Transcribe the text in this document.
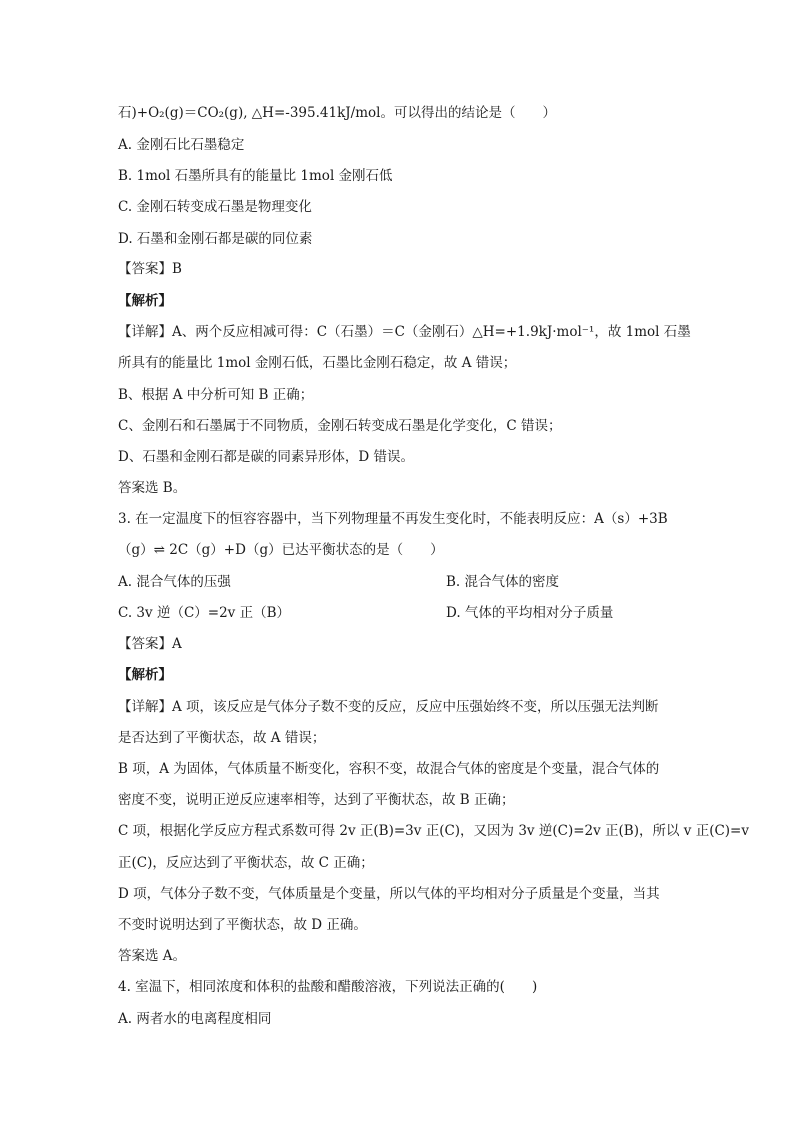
石)+O₂(g)＝CO₂(g), △H=-395.41kJ/mol。可以得出的结论是（　　）
A. 金刚石比石墨稳定
B. 1mol 石墨所具有的能量比 1mol 金刚石低
C. 金刚石转变成石墨是物理变化
D. 石墨和金刚石都是碳的同位素
【答案】B
【解析】
【详解】A、两个反应相减可得：C（石墨）＝C（金刚石）△H=+1.9kJ·mol⁻¹，故 1mol 石墨
所具有的能量比 1mol 金刚石低，石墨比金刚石稳定，故 A 错误；
B、根据 A 中分析可知 B 正确；
C、金刚石和石墨属于不同物质，金刚石转变成石墨是化学变化，C 错误；
D、石墨和金刚石都是碳的同素异形体，D 错误。
答案选 B。
3. 在一定温度下的恒容容器中，当下列物理量不再发生变化时，不能表明反应：A（s）+3B
（g）⇌ 2C（g）+D（g）已达平衡状态的是（　　）
A. 混合气体的压强	B. 混合气体的密度
C. 3v 逆（C）=2v 正（B）	D. 气体的平均相对分子质量
【答案】A
【解析】
【详解】A 项，该反应是气体分子数不变的反应，反应中压强始终不变，所以压强无法判断
是否达到了平衡状态，故 A 错误；
B 项，A 为固体，气体质量不断变化，容积不变，故混合气体的密度是个变量，混合气体的
密度不变，说明正逆反应速率相等，达到了平衡状态，故 B 正确；
C 项，根据化学反应方程式系数可得 2v 正(B)=3v 正(C)，又因为 3v 逆(C)=2v 正(B)，所以 v 正(C)=v
正(C)，反应达到了平衡状态，故 C 正确；
D 项，气体分子数不变，气体质量是个变量，所以气体的平均相对分子质量是个变量，当其
不变时说明达到了平衡状态，故 D 正确。
答案选 A。
4. 室温下，相同浓度和体积的盐酸和醋酸溶液，下列说法正确的(　　)
A. 两者水的电离程度相同
